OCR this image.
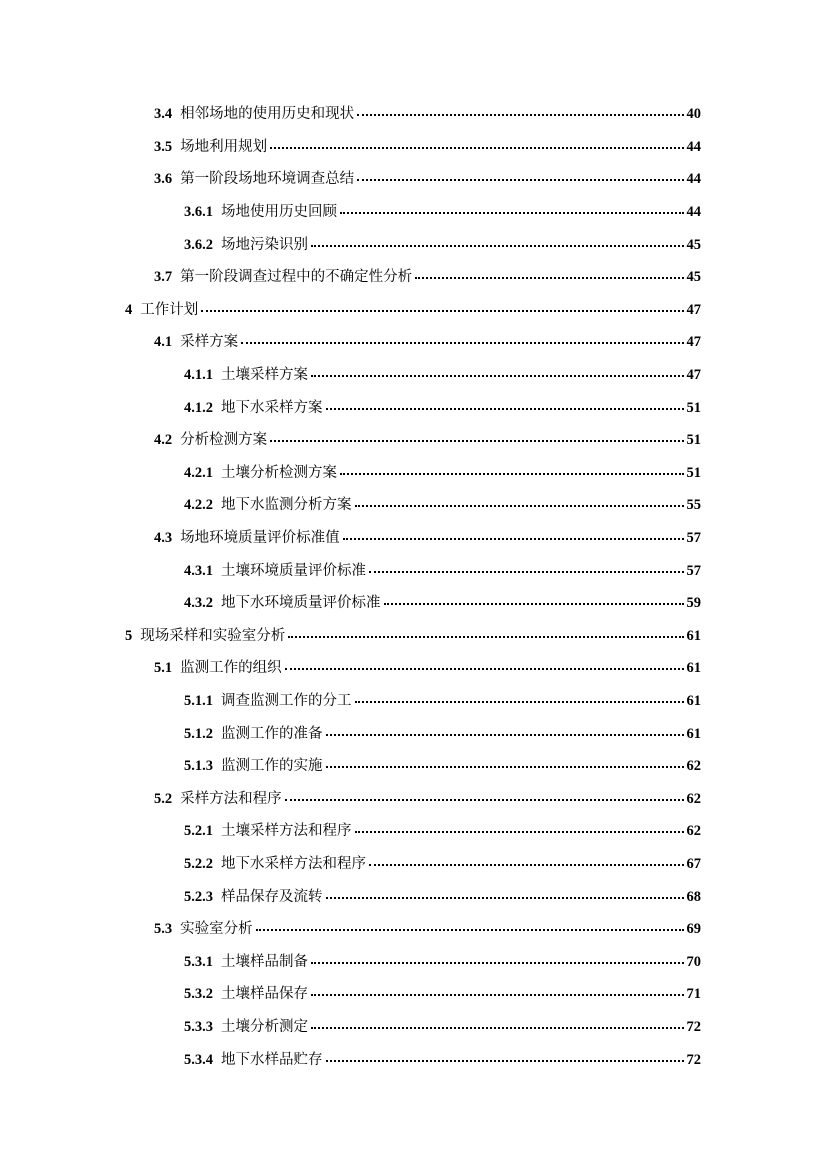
3.4 相邻场地的使用历史和现状	40
3.5 场地利用规划	44
3.6 第一阶段场地环境调查总结	44
3.6.1 场地使用历史回顾	44
3.6.2 场地污染识别	45
3.7 第一阶段调查过程中的不确定性分析	45
4 工作计划	47
4.1 采样方案	47
4.1.1 土壤采样方案	47
4.1.2 地下水采样方案	51
4.2 分析检测方案	51
4.2.1 土壤分析检测方案	51
4.2.2 地下水监测分析方案	55
4.3 场地环境质量评价标准值	57
4.3.1 土壤环境质量评价标准	57
4.3.2 地下水环境质量评价标准	59
5 现场采样和实验室分析	61
5.1 监测工作的组织	61
5.1.1 调查监测工作的分工	61
5.1.2 监测工作的准备	61
5.1.3 监测工作的实施	62
5.2 采样方法和程序	62
5.2.1 土壤采样方法和程序	62
5.2.2 地下水采样方法和程序	67
5.2.3 样品保存及流转	68
5.3 实验室分析	69
5.3.1 土壤样品制备	70
5.3.2 土壤样品保存	71
5.3.3 土壤分析测定	72
5.3.4 地下水样品贮存	72
